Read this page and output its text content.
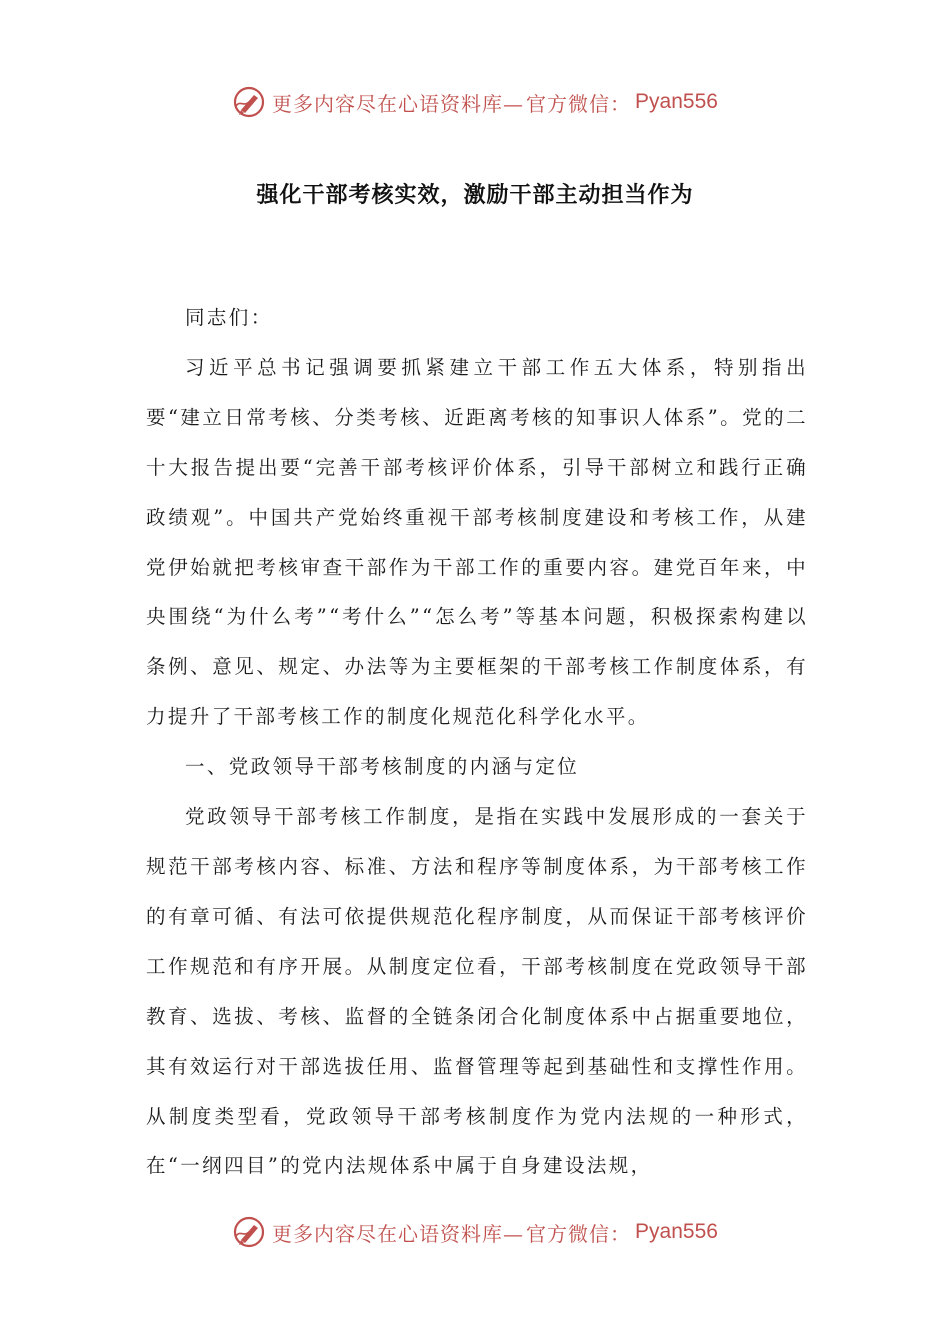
更多内容尽在心语资料库— 官方微信： Pyan556
强化干部考核实效，激励干部主动担当作为

同志们：

习近平总书记强调要抓紧建立干部工作五大体系，特别指出要“建立日常考核、分类考核、近距离考核的知事识人体系”。党的二十大报告提出要“完善干部考核评价体系，引导干部树立和践行正确政绩观”。中国共产党始终重视干部考核制度建设和考核工作，从建党伊始就把考核审查干部作为干部工作的重要内容。建党百年来，中央围绕“为什么考”“考什么”“怎么考”等基本问题，积极探索构建以条例、意见、规定、办法等为主要框架的干部考核工作制度体系，有力提升了干部考核工作的制度化规范化科学化水平。

一、党政领导干部考核制度的内涵与定位

党政领导干部考核工作制度，是指在实践中发展形成的一套关于规范干部考核内容、标准、方法和程序等制度体系，为干部考核工作的有章可循、有法可依提供规范化程序制度，从而保证干部考核评价工作规范和有序开展。从制度定位看，干部考核制度在党政领导干部教育、选拔、考核、监督的全链条闭合化制度体系中占据重要地位，其有效运行对干部选拔任用、监督管理等起到基础性和支撑性作用。从制度类型看，党政领导干部考核制度作为党内法规的一种形式，在“一纲四目”的党内法规体系中属于自身建设法规，

更多内容尽在心语资料库— 官方微信： Pyan556
